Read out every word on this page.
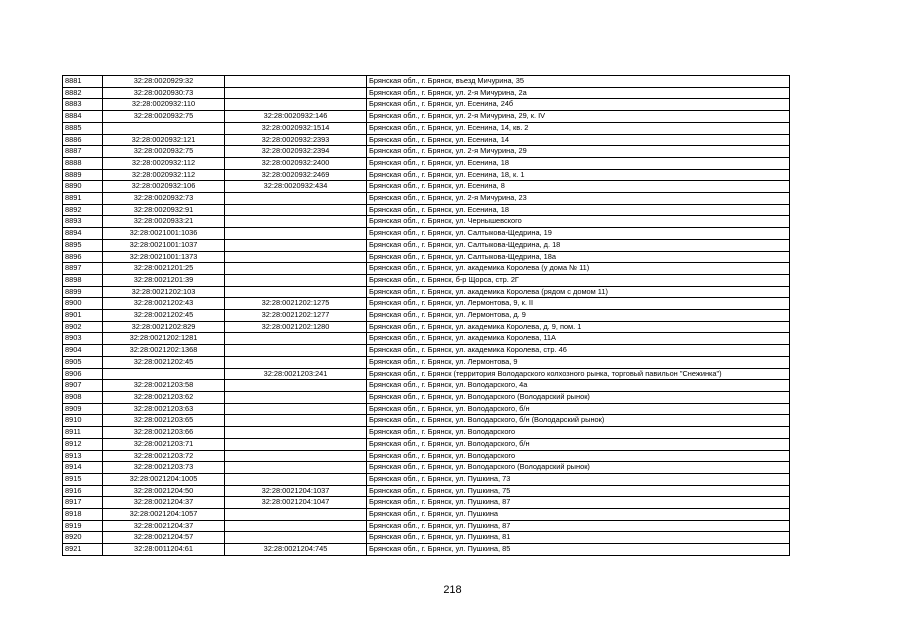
8881	32:28:0020929:32		Брянская обл., г. Брянск, въезд Мичурина, 35
8882	32:28:0020930:73		Брянская обл., г. Брянск, ул. 2-я Мичурина, 2а
8883	32:28:0020932:110		Брянская обл., г. Брянск, ул. Есенина, 24б
8884	32:28:0020932:75	32:28:0020932:146	Брянская обл., г. Брянск, ул. 2-я Мичурина, 29, к. IV
8885		32:28:0020932:1514	Брянская обл., г. Брянск, ул. Есенина, 14, кв. 2
8886	32:28:0020932:121	32:28:0020932:2393	Брянская обл., г. Брянск, ул. Есенина, 14
8887	32:28:0020932:75	32:28:0020932:2394	Брянская обл., г. Брянск, ул. 2-я Мичурина, 29
8888	32:28:0020932:112	32:28:0020932:2400	Брянская обл., г. Брянск, ул. Есенина, 18
8889	32:28:0020932:112	32:28:0020932:2469	Брянская обл., г. Брянск, ул. Есенина, 18, к. 1
8890	32:28:0020932:106	32:28:0020932:434	Брянская обл., г. Брянск, ул. Есенина, 8
8891	32:28:0020932:73		Брянская обл., г. Брянск, ул. 2-я Мичурина, 23
8892	32:28:0020932:91		Брянская обл., г. Брянск, ул. Есенина, 18
8893	32:28:0020933:21		Брянская обл., г. Брянск, ул. Чернышевского
8894	32:28:0021001:1036		Брянская обл., г. Брянск, ул. Салтыкова-Щедрина, 19
8895	32:28:0021001:1037		Брянская обл., г. Брянск, ул. Салтыкова-Щедрина, д. 18
8896	32:28:0021001:1373		Брянская обл., г. Брянск, ул. Салтыкова-Щедрина, 18а
8897	32:28:0021201:25		Брянская обл., г. Брянск, ул. академика Королева (у дома № 11)
8898	32:28:0021201:39		Брянская обл., г. Брянск, б-р Щорса, стр. 2Г
8899	32:28:0021202:103		Брянская обл., г. Брянск, ул. академика Королева (рядом с домом 11)
8900	32:28:0021202:43	32:28:0021202:1275	Брянская обл., г. Брянск, ул. Лермонтова, 9, к. II
8901	32:28:0021202:45	32:28:0021202:1277	Брянская обл., г. Брянск, ул. Лермонтова, д. 9
8902	32:28:0021202:829	32:28:0021202:1280	Брянская обл., г. Брянск, ул. академика Королева, д. 9, пом. 1
8903	32:28:0021202:1281		Брянская обл., г. Брянск, ул. академика Королева, 11А
8904	32:28:0021202:1368		Брянская обл., г. Брянск, ул. академика Королева, стр. 46
8905	32:28:0021202:45		Брянская обл., г. Брянск, ул. Лермонтова, 9
8906		32:28:0021203:241	Брянская обл., г. Брянск (территория Володарского колхозного рынка, торговый павильон "Снежинка")
8907	32:28:0021203:58		Брянская обл., г. Брянск, ул. Володарского, 4а
8908	32:28:0021203:62		Брянская обл., г. Брянск, ул. Володарского (Володарский рынок)
8909	32:28:0021203:63		Брянская обл., г. Брянск, ул. Володарского, б/н
8910	32:28:0021203:65		Брянская обл., г. Брянск, ул. Володарского, б/н (Володарский рынок)
8911	32:28:0021203:66		Брянская обл., г. Брянск, ул. Володарского
8912	32:28:0021203:71		Брянская обл., г. Брянск, ул. Володарского, б/н
8913	32:28:0021203:72		Брянская обл., г. Брянск, ул. Володарского
8914	32:28:0021203:73		Брянская обл., г. Брянск, ул. Володарского (Володарский рынок)
8915	32:28:0021204:1005		Брянская обл., г. Брянск, ул. Пушкина, 73
8916	32:28:0021204:50	32:28:0021204:1037	Брянская обл., г. Брянск, ул. Пушкина, 75
8917	32:28:0021204:37	32:28:0021204:1047	Брянская обл., г. Брянск, ул. Пушкина, 87
8918	32:28:0021204:1057		Брянская обл., г. Брянск, ул. Пушкина
8919	32:28:0021204:37		Брянская обл., г. Брянск, ул. Пушкина, 87
8920	32:28:0021204:57		Брянская обл., г. Брянск, ул. Пушкина, 81
8921	32:28:0011204:61	32:28:0021204:745	Брянская обл., г. Брянск, ул. Пушкина, 85
218
